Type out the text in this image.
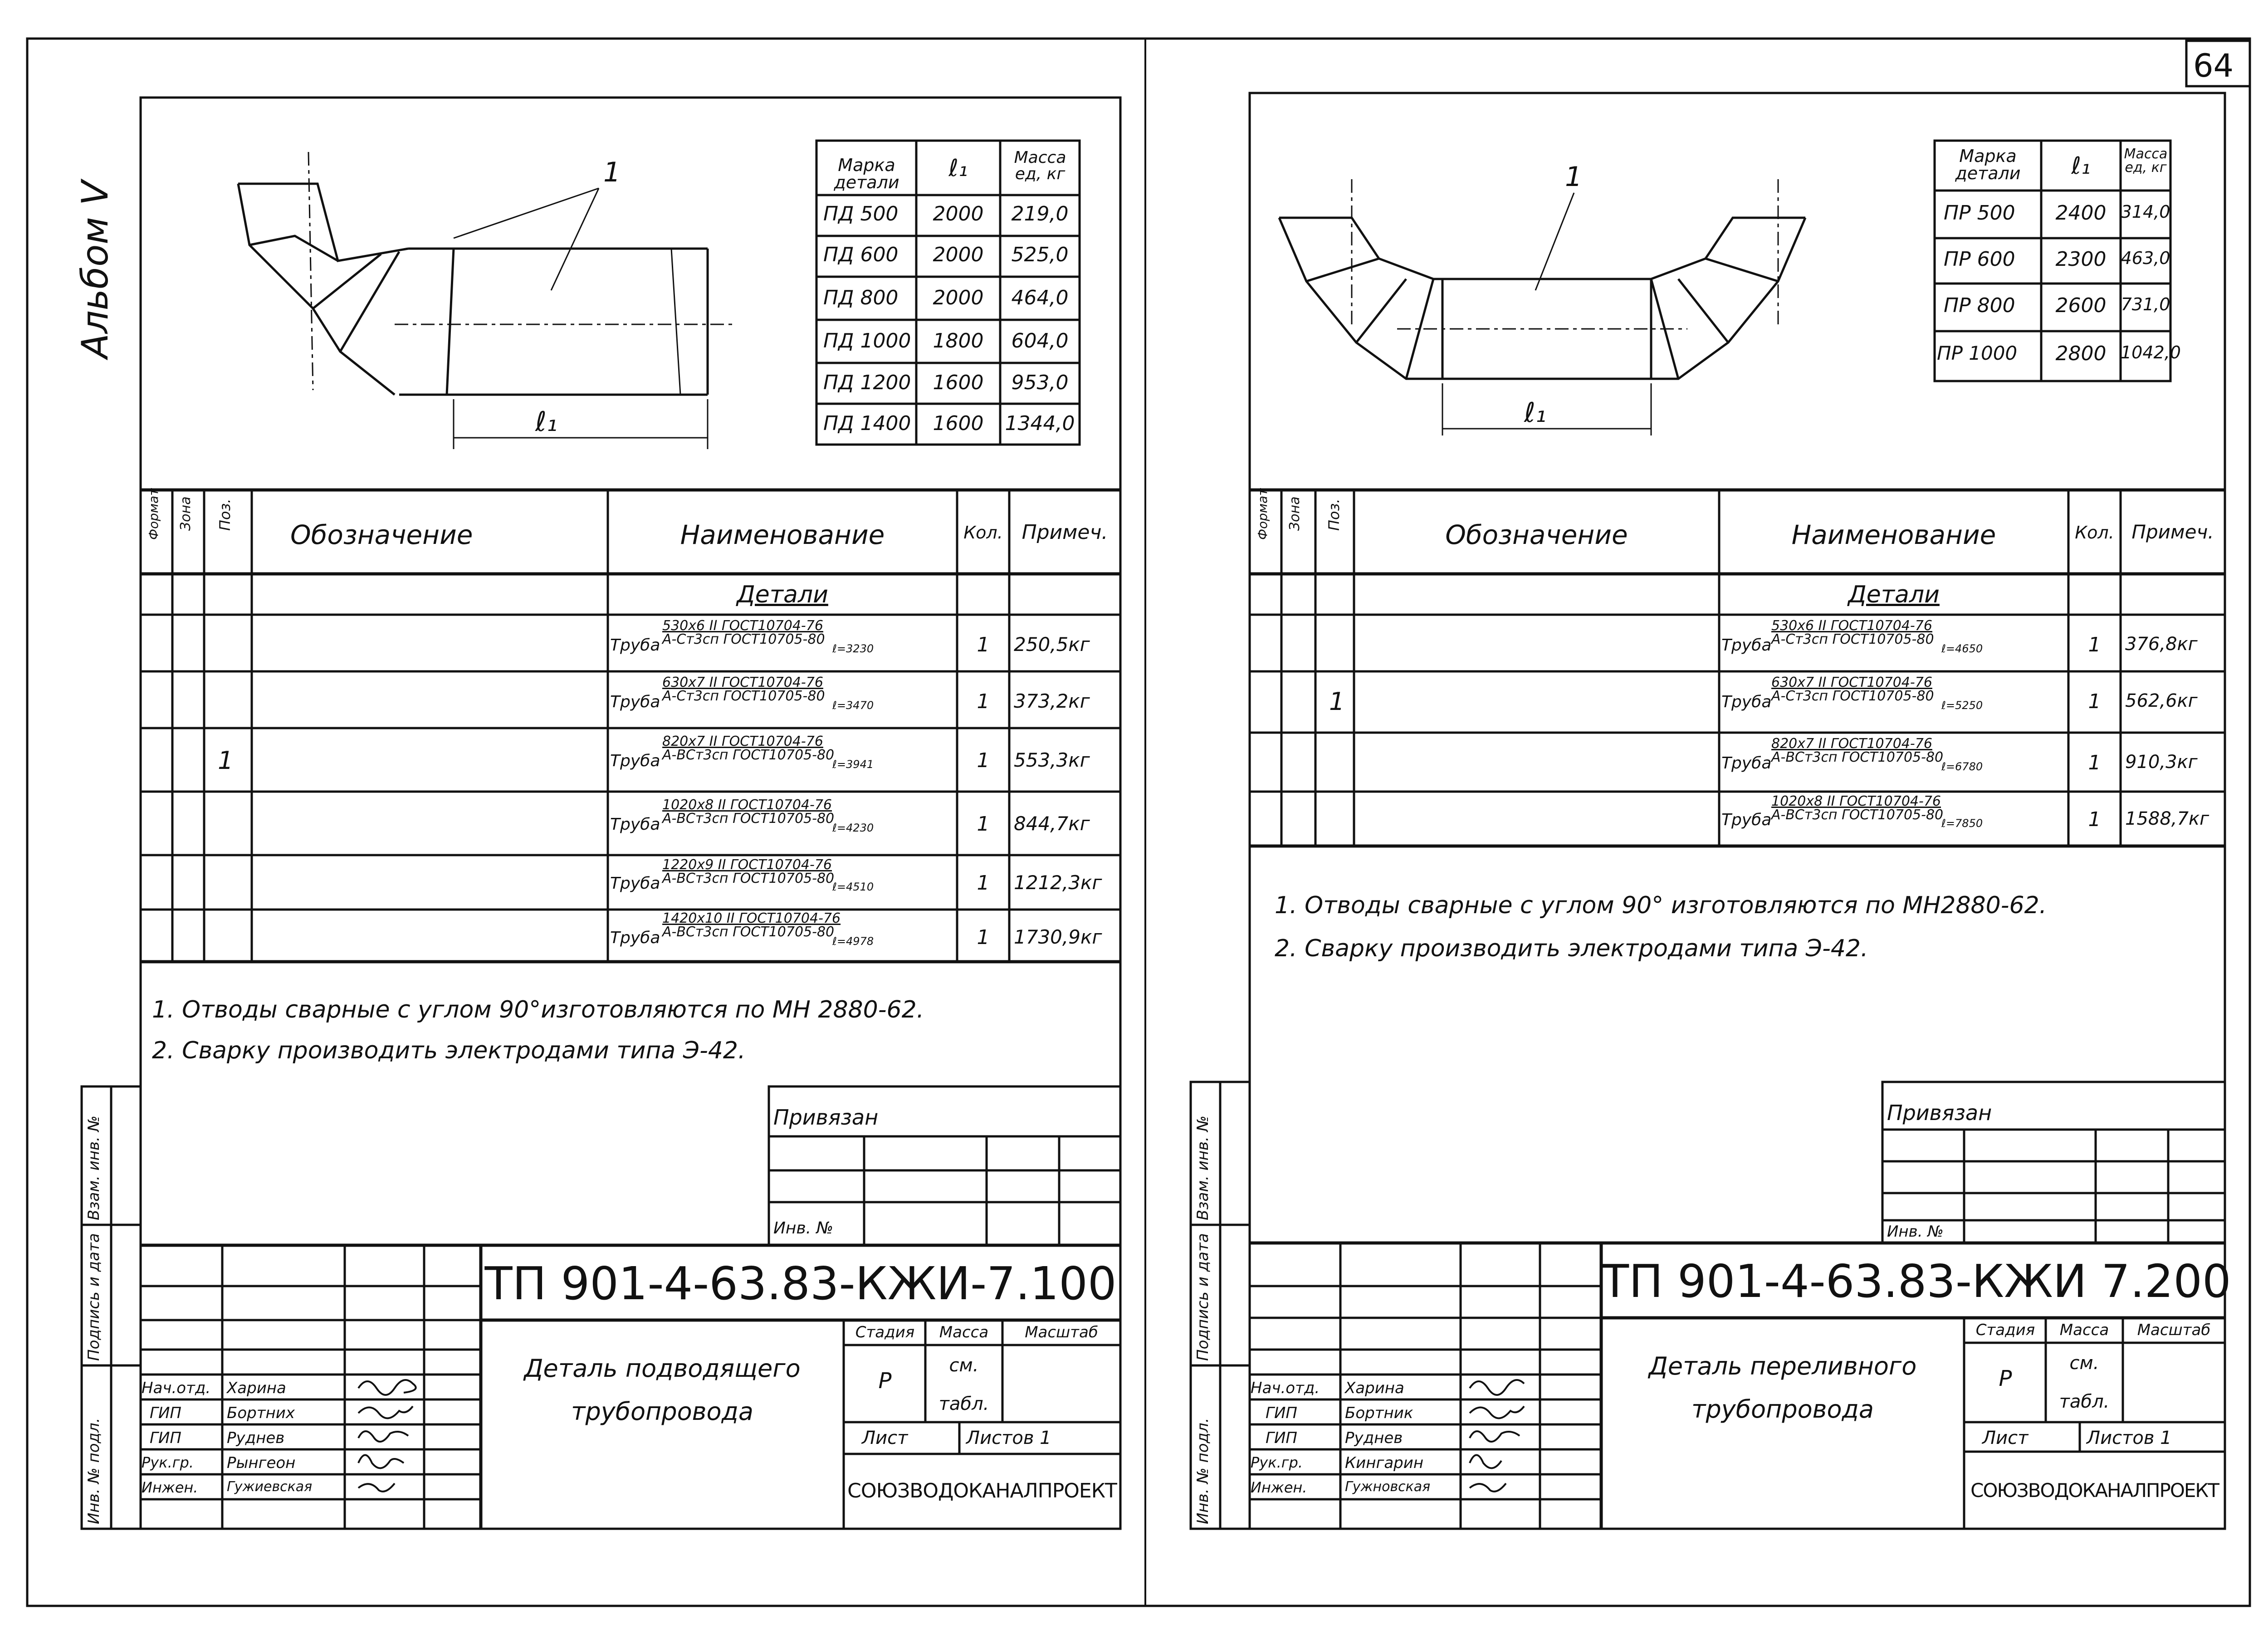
64
Альбом V
Марка детали
ℓ₁	Масса ед, кг
ПД 500	2000	219,0
ПД 600	2000	525,0
ПД 800	2000	464,0
ПД 1000	1800	604,0
ПД 1200	1600	953,0
ПД 1400	1600	1344,0
1
ℓ₁
Формат Зона Поз.
Обозначение	Наименование	Кол. Примеч.
Детали
1
Труба
530х6 II ГОСТ10704-76
А-Ст3сп ГОСТ10705-80
ℓ=3230	1	250,5кг
Труба
630х7 II ГОСТ10704-76
А-Ст3сп ГОСТ10705-80
ℓ=3470	1	373,2кг
Труба
820х7 II ГОСТ10704-76
А-ВСт3сп ГОСТ10705-80
ℓ=3941	1	553,3кг
Труба
1020х8 II ГОСТ10704-76
А-ВСт3сп ГОСТ10705-80
ℓ=4230	1	844,7кг
Труба
1220х9 II ГОСТ10704-76
А-ВСт3сп ГОСТ10705-80
ℓ=4510	1	1212,3кг
Труба
1420х10 II ГОСТ10704-76
А-ВСт3сп ГОСТ10705-80
ℓ=4978	1	1730,9кг
1. Отводы сварные с углом 90°изготовляются по МН 2880-62.
2. Сварку производить электродами типа Э-42.
Привязан
Инв. №
Взам. инв. №
Подпись и дата
Инв. № подл.
ТП 901-4-63.83-КЖИ-7.100
Деталь подводящего
трубопровода
Стадия	Масса	Масштаб
Р
см.
табл.
Лист	Листов 1
СОЮЗВОДОКАНАЛПРОЕКТ
Нач.отд. Харина
ГИП	Бортних
ГИП	Руднев
Рук.гр. Рынгеон
Инжен. Гужиевская
Марка детали	ℓ₁	Масса ед, кг
ПР 500	2400 314,0
ПР 600	2300 463,0
ПР 800	2600 731,0
ПР 1000	2800 1042,0
1
ℓ₁
Формат Зона Поз.
Обозначение	Наименование	Кол. Примеч.
Детали
1
Труба
530х6 II ГОСТ10704-76
А-Ст3сп ГОСТ10705-80
ℓ=4650	1	376,8кг
Труба
630х7 II ГОСТ10704-76
А-Ст3сп ГОСТ10705-80
ℓ=5250	1	562,6кг
Труба
820х7 II ГОСТ10704-76
А-ВСт3сп ГОСТ10705-80
ℓ=6780	1	910,3кг
Труба
1020х8 II ГОСТ10704-76
А-ВСт3сп ГОСТ10705-80
ℓ=7850	1	1588,7кг
1. Отводы сварные с углом 90° изготовляются по МН2880-62.
2. Сварку производить электродами типа Э-42.
Привязан
Инв. №
Взам. инв. №
Подпись и дата
Инв. № подл.
ТП 901-4-63.83-КЖИ 7.200
Деталь переливного
трубопровода
Стадия	Масса	Масштаб
Р
см.
табл.
Лист	Листов 1
СОЮЗВОДОКАНАЛПРОЕКТ
Нач.отд. Харина
ГИП	Бортник
ГИП	Руднев
Рук.гр.	Кингарин
Инжен.	Гужновская
